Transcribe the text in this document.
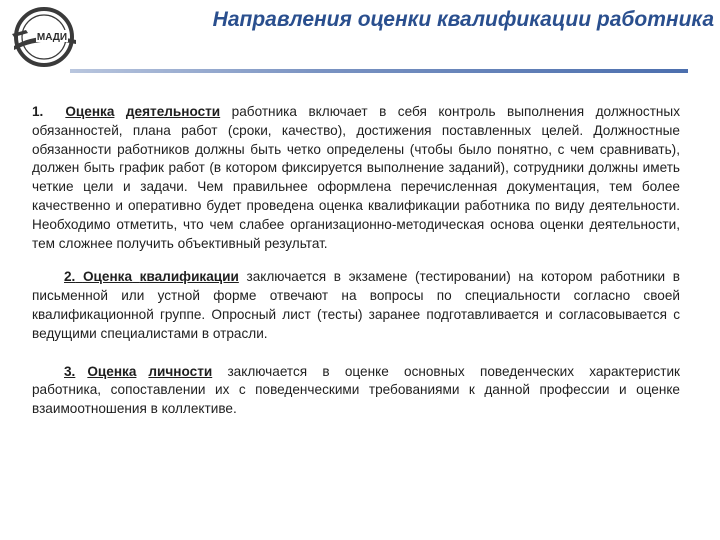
МАДИ
Направления оценки квалификации работника

1. Оценка деятельности работника включает в себя контроль выполнения должностных обязанностей, плана работ (сроки, качество), достижения поставленных целей. Должностные обязанности работников должны быть четко определены (чтобы было понятно, с чем сравнивать), должен быть график работ (в котором фиксируется выполнение заданий), сотрудники должны иметь четкие цели и задачи. Чем правильнее оформлена перечисленная документация, тем более качественно и оперативно будет проведена оценка квалификации работника по виду деятельности. Необходимо отметить, что чем слабее организационно-методическая основа оценки деятельности, тем сложнее получить объективный результат.

2. Оценка квалификации заключается в экзамене (тестировании) на котором работники в письменной или устной форме отвечают на вопросы по специальности согласно своей квалификационной группе. Опросный лист (тесты) заранее подготавливается и согласовывается с ведущими специалистами в отрасли.

3. Оценка личности заключается в оценке основных поведенческих характеристик работника, сопоставлении их с поведенческими требованиями к данной профессии и оценке взаимоотношения в коллективе.
